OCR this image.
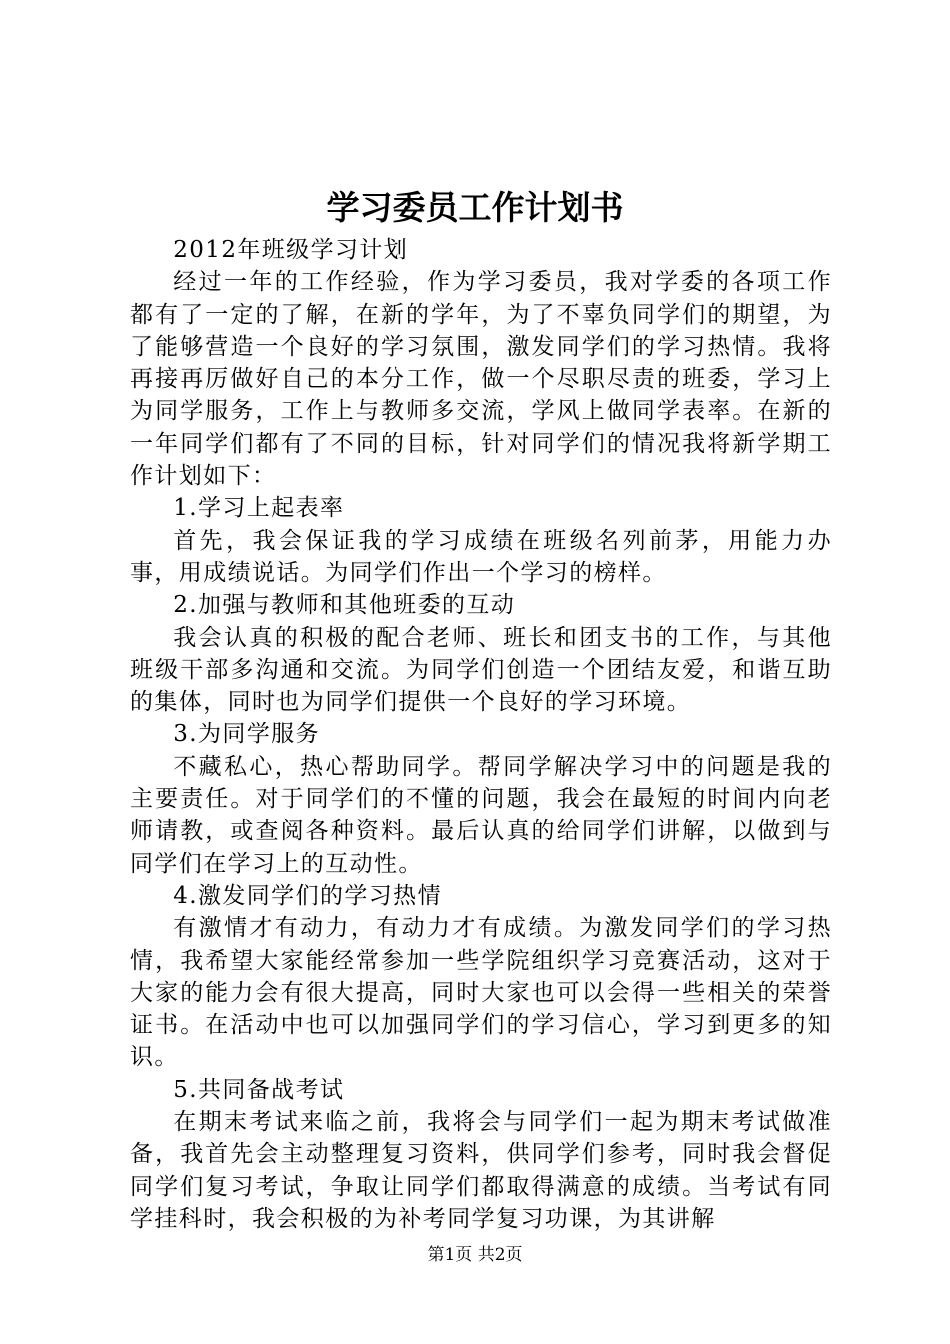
学习委员工作计划书

2012年班级学习计划

经过一年的工作经验，作为学习委员，我对学委的各项工作都有了一定的了解，在新的学年，为了不辜负同学们的期望，为了能够营造一个良好的学习氛围，激发同学们的学习热情。我将再接再厉做好自己的本分工作，做一个尽职尽责的班委，学习上为同学服务，工作上与教师多交流，学风上做同学表率。在新的一年同学们都有了不同的目标，针对同学们的情况我将新学期工作计划如下：

1.学习上起表率

首先，我会保证我的学习成绩在班级名列前茅，用能力办事，用成绩说话。为同学们作出一个学习的榜样。

2.加强与教师和其他班委的互动

我会认真的积极的配合老师、班长和团支书的工作，与其他班级干部多沟通和交流。为同学们创造一个团结友爱，和谐互助的集体，同时也为同学们提供一个良好的学习环境。

3.为同学服务

不藏私心，热心帮助同学。帮同学解决学习中的问题是我的主要责任。对于同学们的不懂的问题，我会在最短的时间内向老师请教，或查阅各种资料。最后认真的给同学们讲解，以做到与同学们在学习上的互动性。

4.激发同学们的学习热情

有激情才有动力，有动力才有成绩。为激发同学们的学习热情，我希望大家能经常参加一些学院组织学习竞赛活动，这对于大家的能力会有很大提高，同时大家也可以会得一些相关的荣誉证书。在活动中也可以加强同学们的学习信心，学习到更多的知识。

5.共同备战考试

在期末考试来临之前，我将会与同学们一起为期末考试做准备，我首先会主动整理复习资料，供同学们参考，同时我会督促同学们复习考试，争取让同学们都取得满意的成绩。当考试有同学挂科时，我会积极的为补考同学复习功课，为其讲解

第1页 共2页
